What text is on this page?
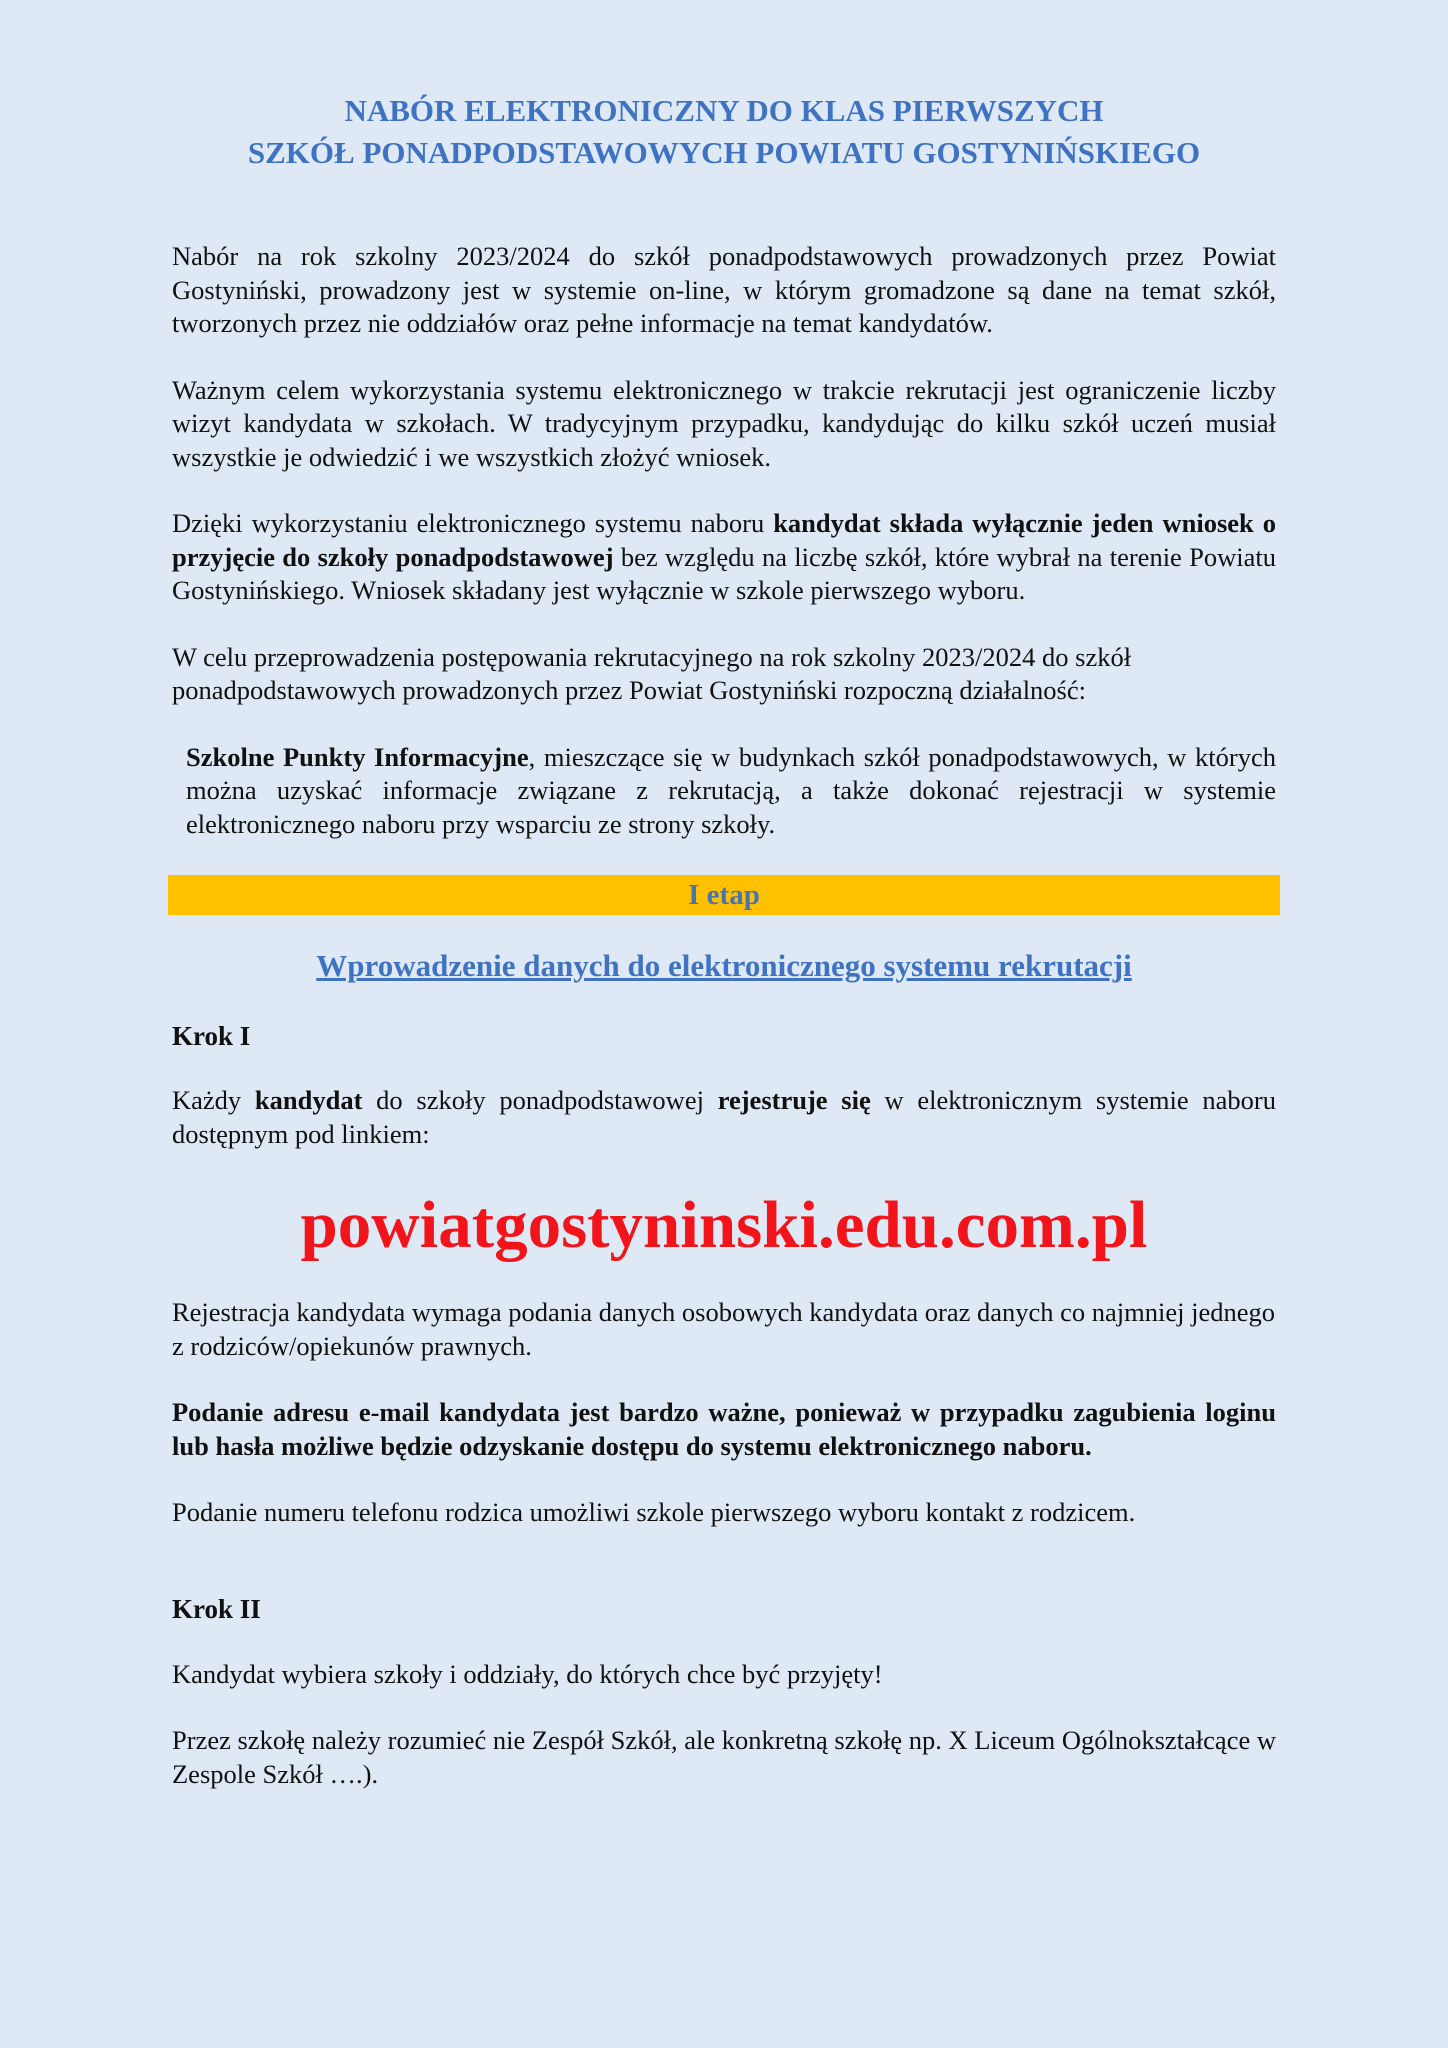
NABÓR ELEKTRONICZNY DO KLAS PIERWSZYCH
SZKÓŁ PONADPODSTAWOWYCH POWIATU GOSTYNIŃSKIEGO

Nabór na rok szkolny 2023/2024 do szkół ponadpodstawowych prowadzonych przez Powiat Gostyniński, prowadzony jest w systemie on-line, w którym gromadzone są dane na temat szkół, tworzonych przez nie oddziałów oraz pełne informacje na temat kandydatów.

Ważnym celem wykorzystania systemu elektronicznego w trakcie rekrutacji jest ograniczenie liczby wizyt kandydata w szkołach. W tradycyjnym przypadku, kandydując do kilku szkół uczeń musiał wszystkie je odwiedzić i we wszystkich złożyć wniosek.

Dzięki wykorzystaniu elektronicznego systemu naboru kandydat składa wyłącznie jeden wniosek o przyjęcie do szkoły ponadpodstawowej bez względu na liczbę szkół, które wybrał na terenie Powiatu Gostynińskiego. Wniosek składany jest wyłącznie w szkole pierwszego wyboru.

W celu przeprowadzenia postępowania rekrutacyjnego na rok szkolny 2023/2024 do szkół ponadpodstawowych prowadzonych przez Powiat Gostyniński rozpoczną działalność:

Szkolne Punkty Informacyjne, mieszczące się w budynkach szkół ponadpodstawowych, w których można uzyskać informacje związane z rekrutacją, a także dokonać rejestracji w systemie elektronicznego naboru przy wsparciu ze strony szkoły.

I etap
Wprowadzenie danych do elektronicznego systemu rekrutacji
Krok I

Każdy kandydat do szkoły ponadpodstawowej rejestruje się w elektronicznym systemie naboru dostępnym pod linkiem:

powiatgostyninski.edu.com.pl

Rejestracja kandydata wymaga podania danych osobowych kandydata oraz danych co najmniej jednego z rodziców/opiekunów prawnych.

Podanie adresu e-mail kandydata jest bardzo ważne, ponieważ w przypadku zagubienia loginu lub hasła możliwe będzie odzyskanie dostępu do systemu elektronicznego naboru.

Podanie numeru telefonu rodzica umożliwi szkole pierwszego wyboru kontakt z rodzicem.

Krok II

Kandydat wybiera szkoły i oddziały, do których chce być przyjęty!

Przez szkołę należy rozumieć nie Zespół Szkół, ale konkretną szkołę np. X Liceum Ogólnokształcące w Zespole Szkół ….).
